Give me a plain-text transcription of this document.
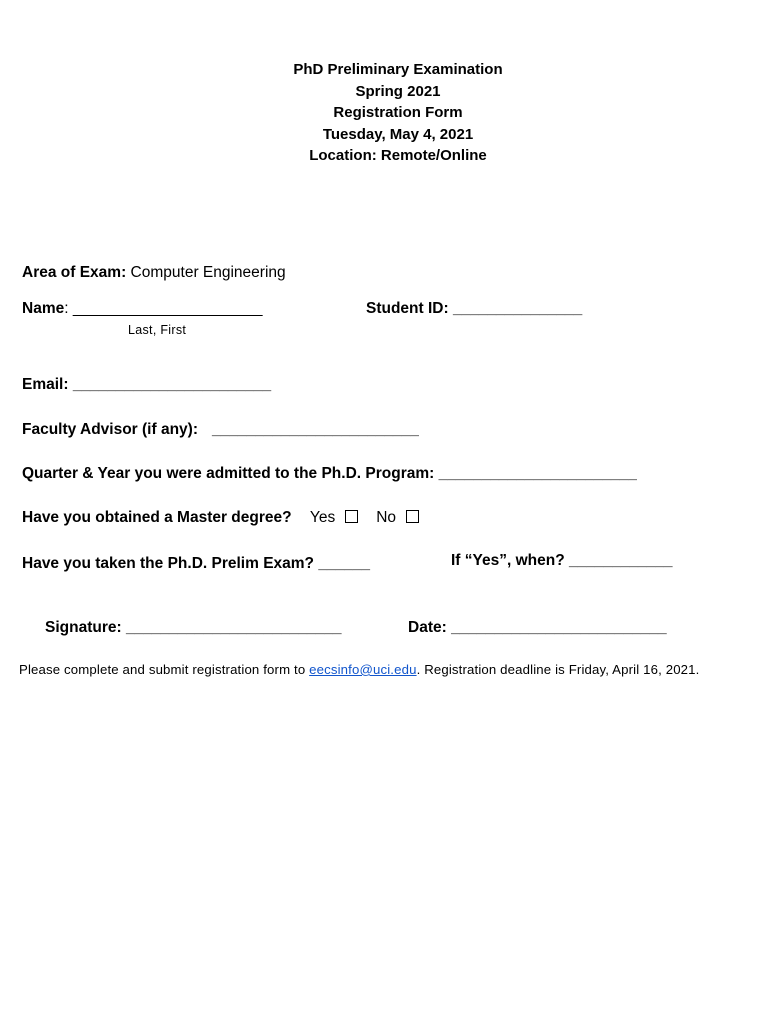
PhD Preliminary Examination
Spring 2021
Registration Form
Tuesday, May 4, 2021
Location: Remote/Online
Area of Exam: Computer Engineering
Name: ______________________
Last, First
Student ID: _______________
Email: _______________________
Faculty Advisor (if any): ________________________
Quarter & Year you were admitted to the Ph.D. Program: _______________________
Have you obtained a Master degree? Yes	No
Have you taken the Ph.D. Prelim Exam? ______	If “Yes”, when? ____________
Signature: _________________________	Date: _________________________
Please complete and submit registration form to eecsinfo@uci.edu. Registration deadline is Friday, April 16, 2021.
